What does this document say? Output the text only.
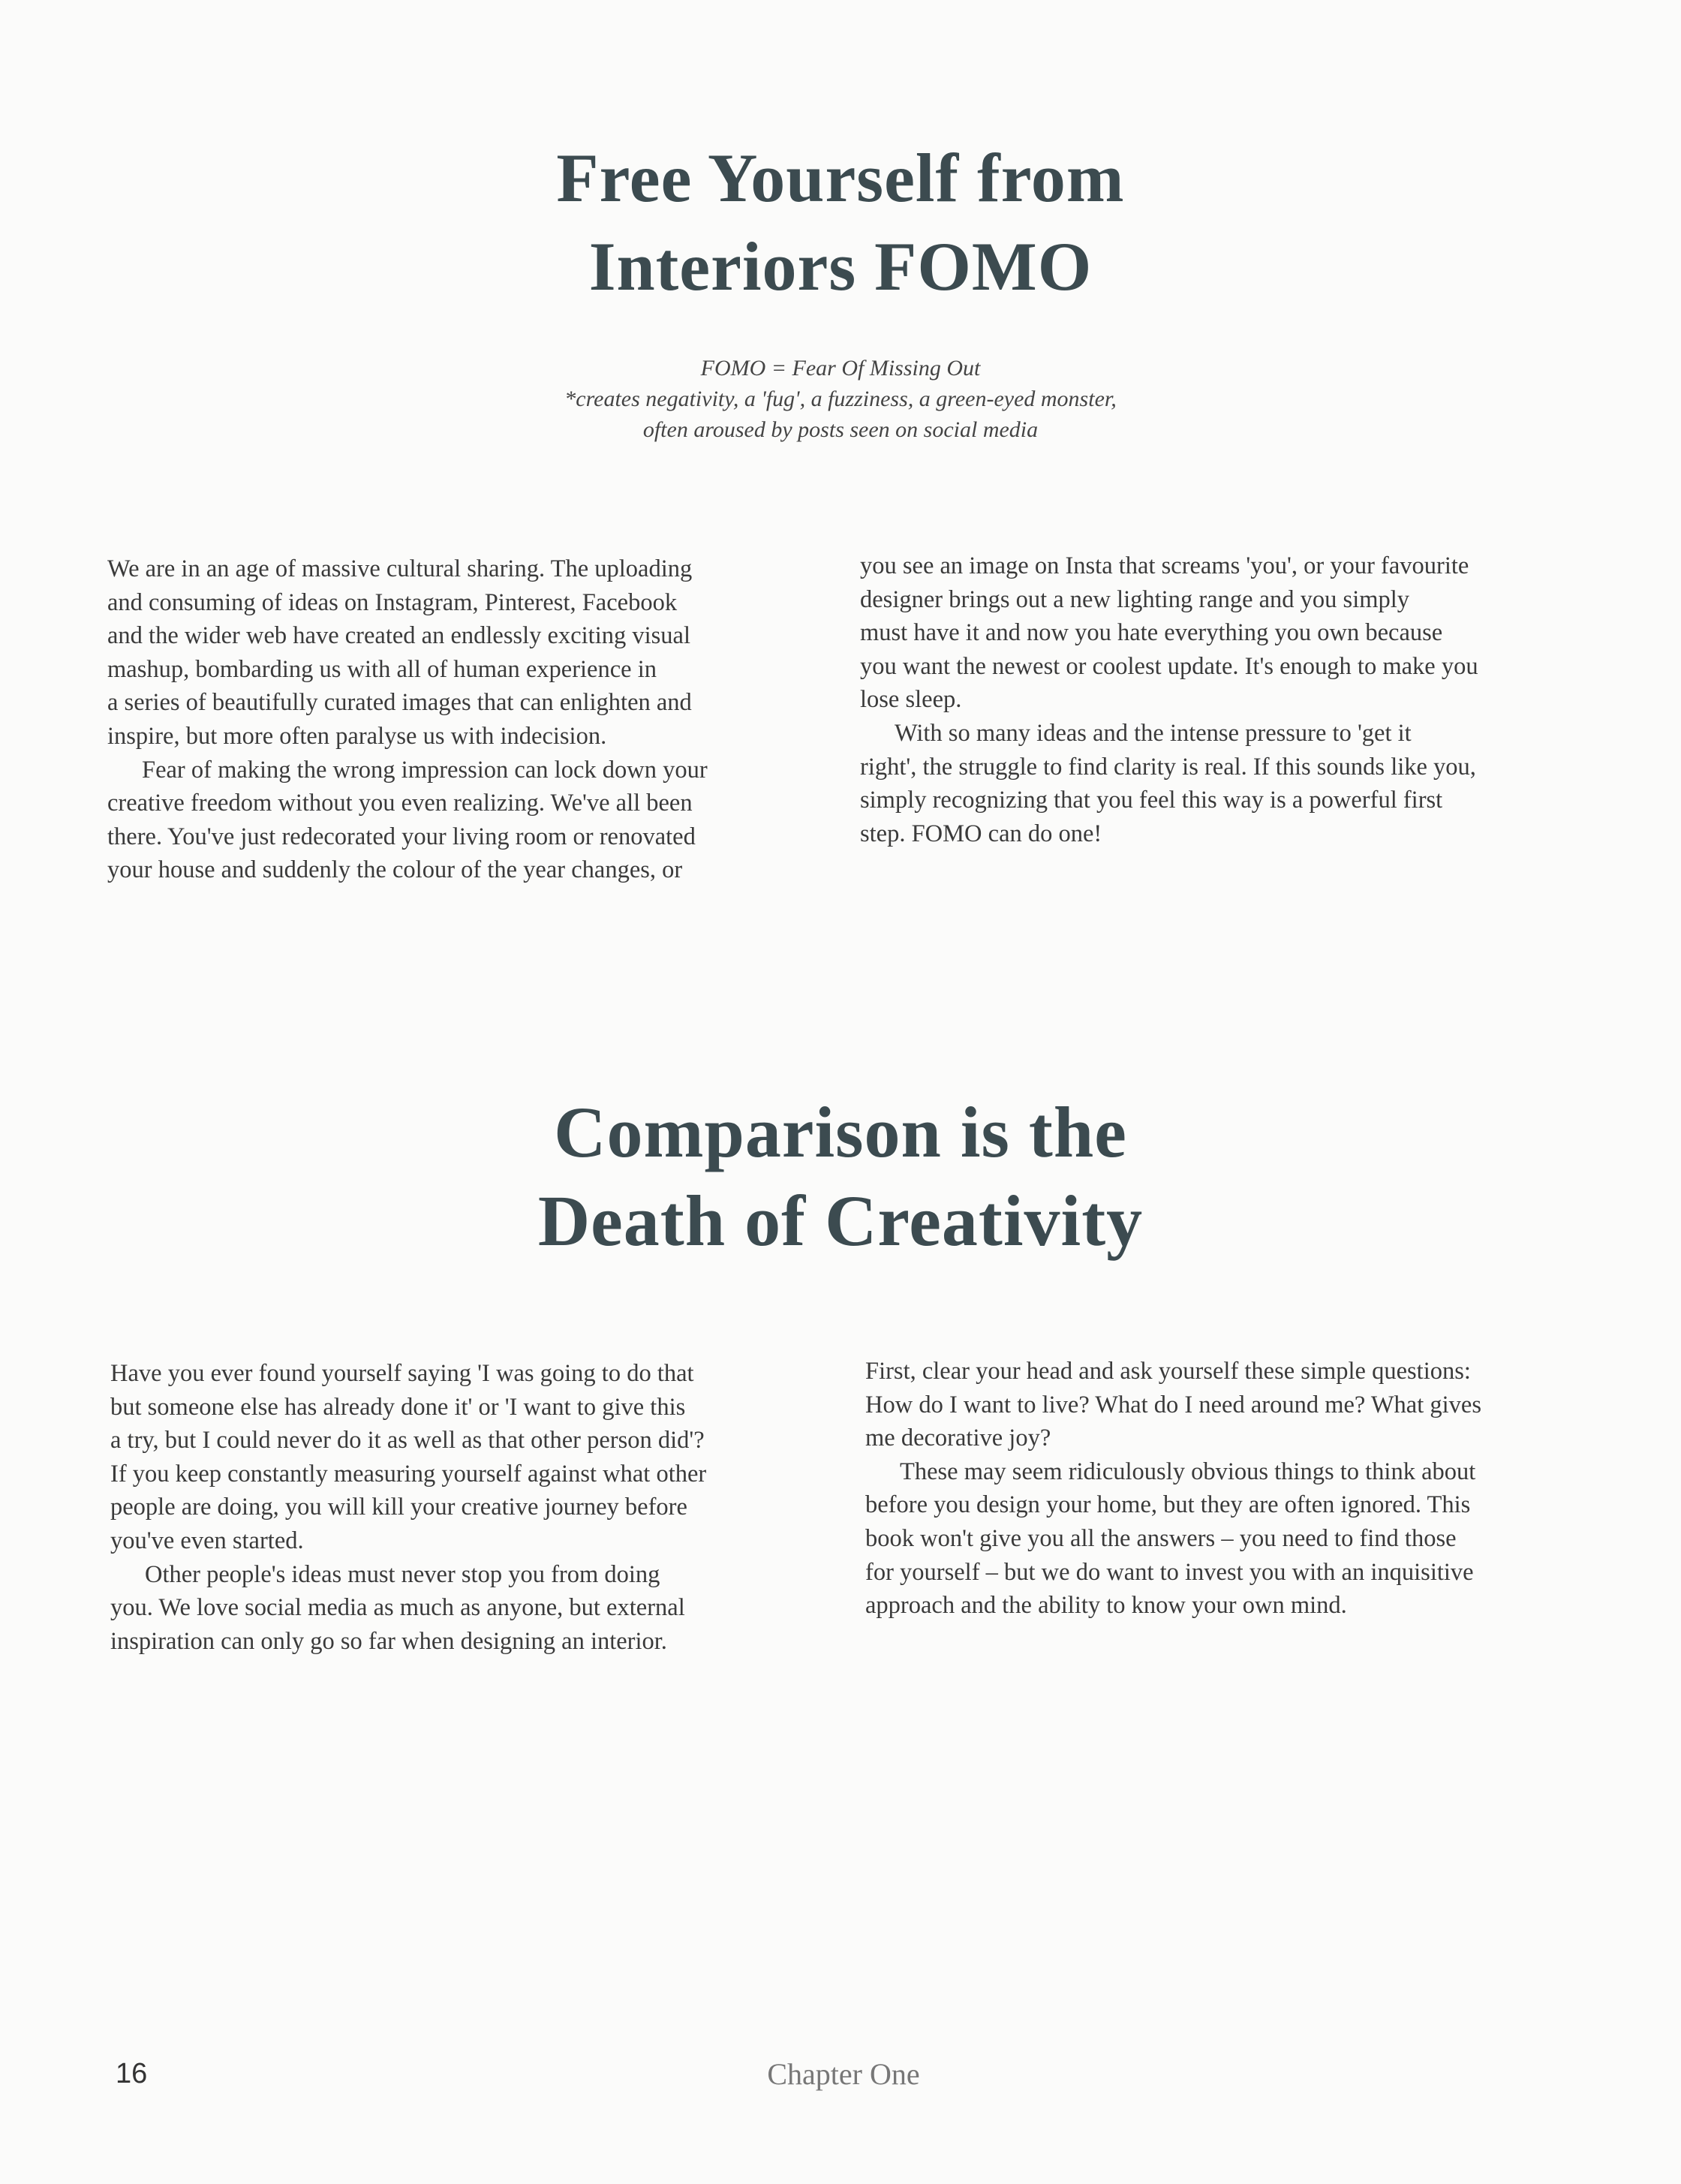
Free Yourself from
Interiors FOMO
FOMO = Fear Of Missing Out
*creates negativity, a 'fug', a fuzziness, a green-eyed monster,
often aroused by posts seen on social media
We are in an age of massive cultural sharing. The uploading
and consuming of ideas on Instagram, Pinterest, Facebook
and the wider web have created an endlessly exciting visual
mashup, bombarding us with all of human experience in
a series of beautifully curated images that can enlighten and
inspire, but more often paralyse us with indecision.
Fear of making the wrong impression can lock down your
creative freedom without you even realizing. We've all been
there. You've just redecorated your living room or renovated
your house and suddenly the colour of the year changes, or
you see an image on Insta that screams 'you', or your favourite
designer brings out a new lighting range and you simply
must have it and now you hate everything you own because
you want the newest or coolest update. It's enough to make you
lose sleep.
With so many ideas and the intense pressure to 'get it
right', the struggle to find clarity is real. If this sounds like you,
simply recognizing that you feel this way is a powerful first
step. FOMO can do one!
Comparison is the
Death of Creativity
Have you ever found yourself saying 'I was going to do that
but someone else has already done it' or 'I want to give this
a try, but I could never do it as well as that other person did'?
If you keep constantly measuring yourself against what other
people are doing, you will kill your creative journey before
you've even started.
Other people's ideas must never stop you from doing
you. We love social media as much as anyone, but external
inspiration can only go so far when designing an interior.
First, clear your head and ask yourself these simple questions:
How do I want to live? What do I need around me? What gives
me decorative joy?
These may seem ridiculously obvious things to think about
before you design your home, but they are often ignored. This
book won't give you all the answers – you need to find those
for yourself – but we do want to invest you with an inquisitive
approach and the ability to know your own mind.
16	Chapter One
